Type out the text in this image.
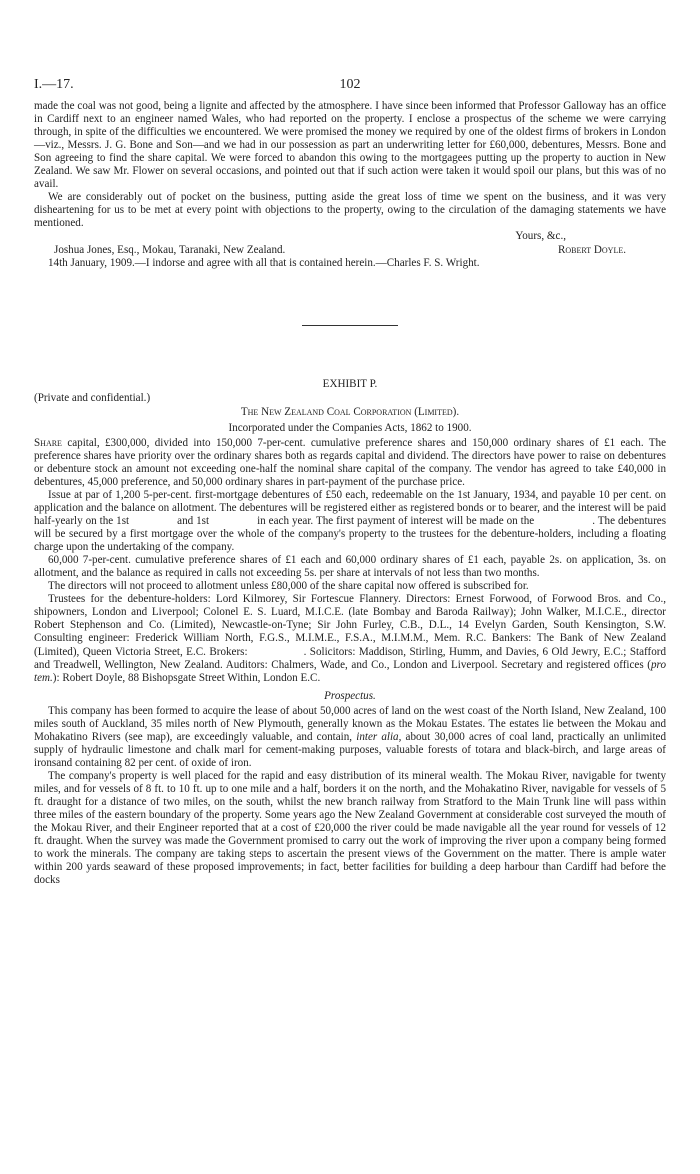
I.—17.	102

made the coal was not good, being a lignite and affected by the atmosphere. I have since been informed that Professor Galloway has an office in Cardiff next to an engineer named Wales, who had reported on the property. I enclose a prospectus of the scheme we were carrying through, in spite of the difficulties we encountered. We were promised the money we required by one of the oldest firms of brokers in London—viz., Messrs. J. G. Bone and Son—and we had in our possession as part an underwriting letter for £60,000, debentures, Messrs. Bone and Son agreeing to find the share capital. We were forced to abandon this owing to the mortgagees putting up the property to auction in New Zealand. We saw Mr. Flower on several occasions, and pointed out that if such action were taken it would spoil our plans, but this was of no avail.

We are considerably out of pocket on the business, putting aside the great loss of time we spent on the business, and it was very disheartening for us to be met at every point with objections to the property, owing to the circulation of the damaging statements we have mentioned.

Yours, &c.,

Joshua Jones, Esq., Mokau, Taranaki, New Zealand.	Robert Doyle.

14th January, 1909.—I indorse and agree with all that is contained herein.—Charles F. S. Wright.

EXHIBIT P.
(Private and confidential.)
The New Zealand Coal Corporation (Limited).
Incorporated under the Companies Acts, 1862 to 1900.

Share capital, £300,000, divided into 150,000 7-per-cent. cumulative preference shares and 150,000 ordinary shares of £1 each. The preference shares have priority over the ordinary shares both as regards capital and dividend. The directors have power to raise on debentures or debenture stock an amount not exceeding one-half the nominal share capital of the company. The vendor has agreed to take £40,000 in debentures, 45,000 preference, and 50,000 ordinary shares in part-payment of the purchase price.

Issue at par of 1,200 5-per-cent. first-mortgage debentures of £50 each, redeemable on the 1st January, 1934, and payable 10 per cent. on application and the balance on allotment. The debentures will be registered either as registered bonds or to bearer, and the interest will be paid half-yearly on the 1st	and 1st	in each year. The first payment of interest will be made on the	. The debentures will be secured by a first mortgage over the whole of the company's property to the trustees for the debenture-holders, including a floating charge upon the undertaking of the company.

60,000 7-per-cent. cumulative preference shares of £1 each and 60,000 ordinary shares of £1 each, payable 2s. on application, 3s. on allotment, and the balance as required in calls not exceeding 5s. per share at intervals of not less than two months.

The directors will not proceed to allotment unless £80,000 of the share capital now offered is subscribed for.

Trustees for the debenture-holders: Lord Kilmorey, Sir Fortescue Flannery. Directors: Ernest Forwood, of Forwood Bros. and Co., shipowners, London and Liverpool; Colonel E. S. Luard, M.I.C.E. (late Bombay and Baroda Railway); John Walker, M.I.C.E., director Robert Stephenson and Co. (Limited), Newcastle-on-Tyne; Sir John Furley, C.B., D.L., 14 Evelyn Garden, South Kensington, S.W. Consulting engineer: Frederick William North, F.G.S., M.I.M.E., F.S.A., M.I.M.M., Mem. R.C. Bankers: The Bank of New Zealand (Limited), Queen Victoria Street, E.C. Brokers:	. Solicitors: Maddison, Stirling, Humm, and Davies, 6 Old Jewry, E.C.; Stafford and Treadwell, Wellington, New Zealand. Auditors: Chalmers, Wade, and Co., London and Liverpool. Secretary and registered offices (pro tem.): Robert Doyle, 88 Bishopsgate Street Within, London E.C.

Prospectus.

This company has been formed to acquire the lease of about 50,000 acres of land on the west coast of the North Island, New Zealand, 100 miles south of Auckland, 35 miles north of New Plymouth, generally known as the Mokau Estates. The estates lie between the Mokau and Mohakatino Rivers (see map), are exceedingly valuable, and contain, inter alia, about 30,000 acres of coal land, practically an unlimited supply of hydraulic limestone and chalk marl for cement-making purposes, valuable forests of totara and black-birch, and large areas of ironsand containing 82 per cent. of oxide of iron.

The company's property is well placed for the rapid and easy distribution of its mineral wealth. The Mokau River, navigable for twenty miles, and for vessels of 8 ft. to 10 ft. up to one mile and a half, borders it on the north, and the Mohakatino River, navigable for vessels of 5 ft. draught for a distance of two miles, on the south, whilst the new branch railway from Stratford to the Main Trunk line will pass within three miles of the eastern boundary of the property. Some years ago the New Zealand Government at considerable cost surveyed the mouth of the Mokau River, and their Engineer reported that at a cost of £20,000 the river could be made navigable all the year round for vessels of 12 ft. draught. When the survey was made the Government promised to carry out the work of improving the river upon a company being formed to work the minerals. The company are taking steps to ascertain the present views of the Government on the matter. There is ample water within 200 yards seaward of these proposed improvements; in fact, better facilities for building a deep harbour than Cardiff had before the docks
